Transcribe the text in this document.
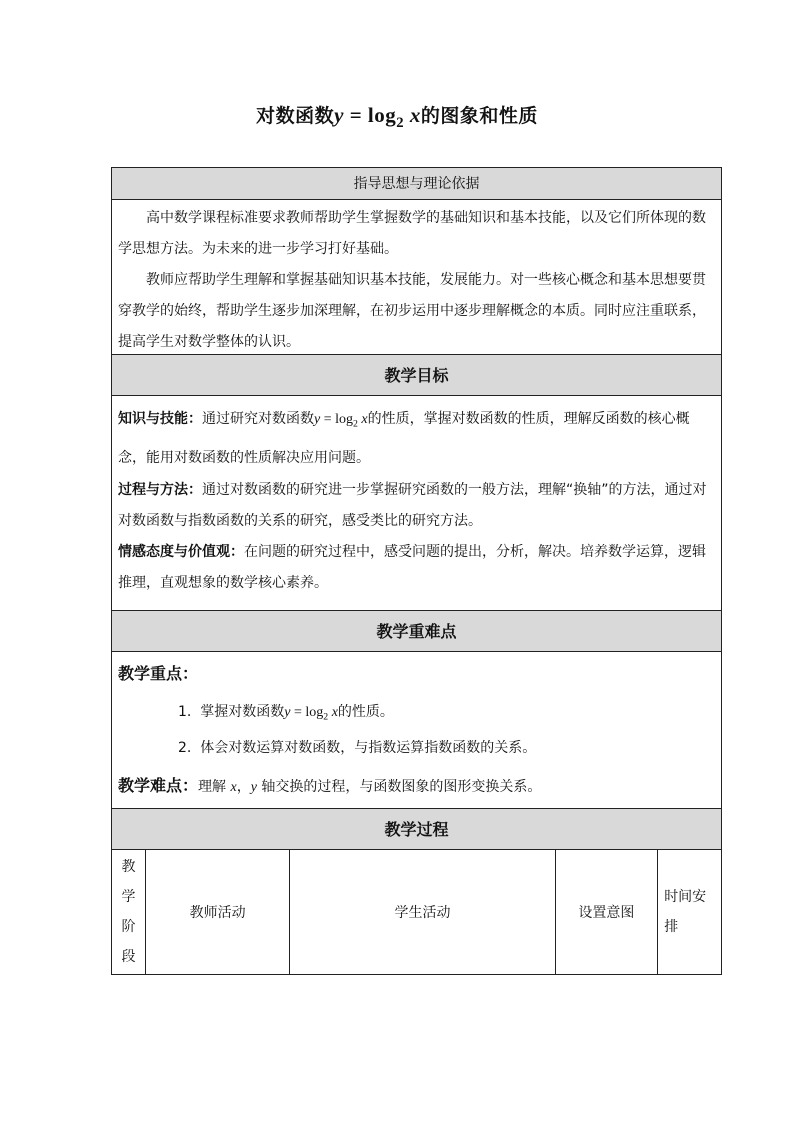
对数函数$y = \log_2 x$的图象和性质
指导思想与理论依据

高中数学课程标准要求教师帮助学生掌握数学的基础知识和基本技能，以及它们所体现的数学思想方法。为未来的进一步学习打好基础。

教师应帮助学生理解和掌握基础知识基本技能，发展能力。对一些核心概念和基本思想要贯穿教学的始终，帮助学生逐步加深理解，在初步运用中逐步理解概念的本质。同时应注重联系，提高学生对数学整体的认识。

教学目标

知识与技能：通过研究对数函数$y = \log_2 x$的性质，掌握对数函数的性质，理解反函数的核心概念，能用对数函数的性质解决应用问题。

过程与方法：通过对数函数的研究进一步掌握研究函数的一般方法，理解“换轴”的方法，通过对对数函数与指数函数的关系的研究，感受类比的研究方法。

情感态度与价值观：在问题的研究过程中，感受问题的提出，分析，解决。培养数学运算，逻辑推理，直观想象的数学核心素养。

教学重难点
教学重点：
1. 掌握对数函数$y = \log_2 x$的性质。
2. 体会对数运算对数函数，与指数运算指数函数的关系。
教学难点：理解 x，y 轴交换的过程，与函数图象的图形变换关系。
教学过程
教学阶段
教师活动	学生活动	设置意图
时间安排
